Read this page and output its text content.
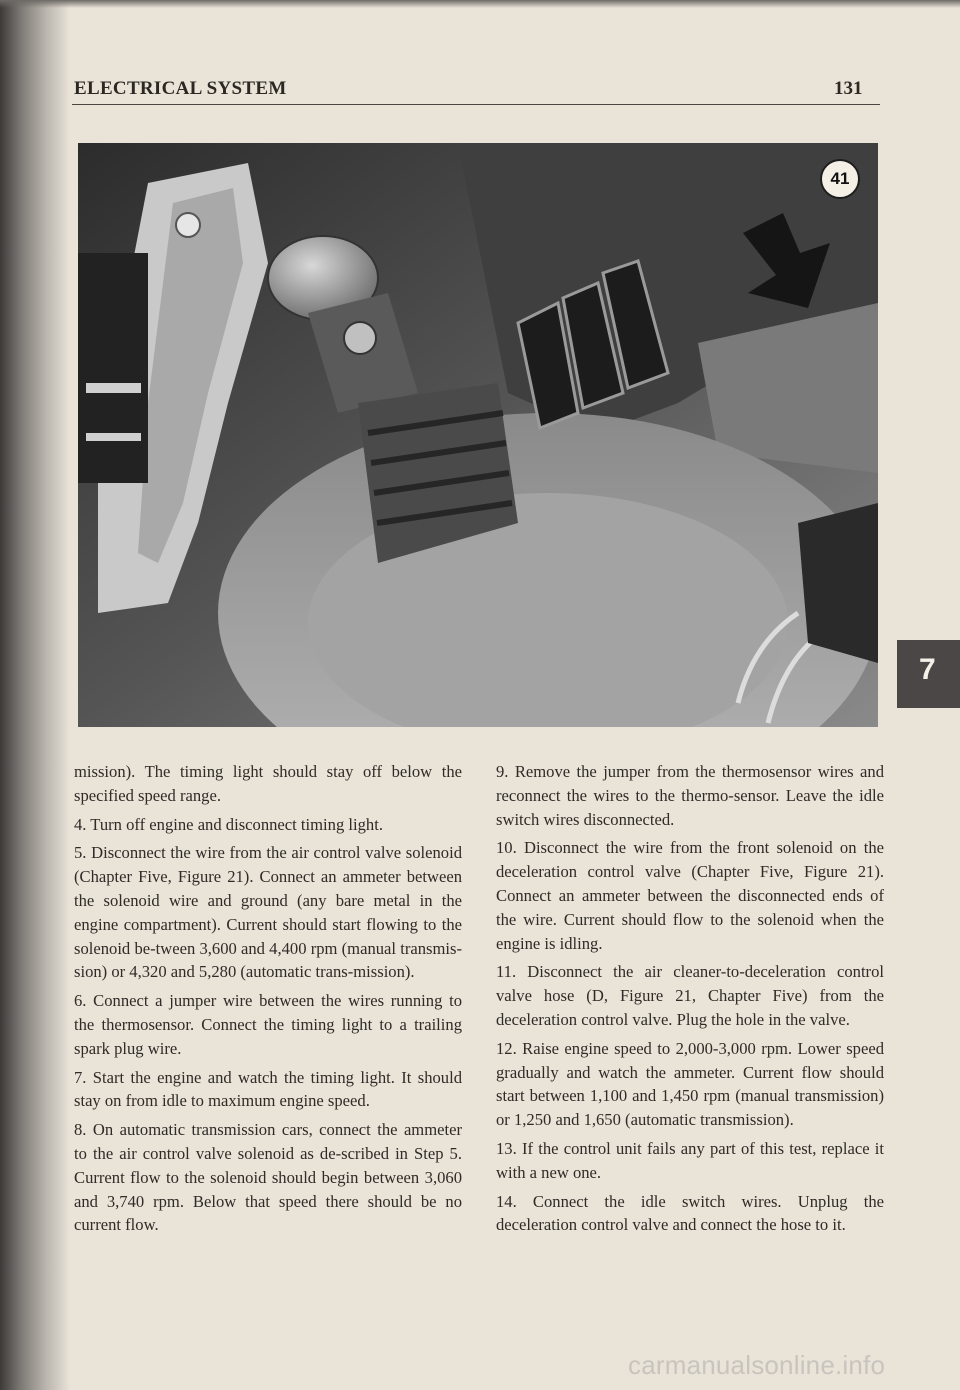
ELECTRICAL SYSTEM	131
41
7

mission). The timing light should stay off below the specified speed range.

4. Turn off engine and disconnect timing light.

5. Disconnect the wire from the air control valve solenoid (Chapter Five, Figure 21). Connect an ammeter between the solenoid wire and ground (any bare metal in the engine compartment). Current should start flowing to the solenoid be-tween 3,600 and 4,400 rpm (manual transmis-sion) or 4,320 and 5,280 (automatic trans-mission).

6. Connect a jumper wire between the wires running to the thermosensor. Connect the timing light to a trailing spark plug wire.

7. Start the engine and watch the timing light. It should stay on from idle to maximum engine speed.

8. On automatic transmission cars, connect the ammeter to the air control valve solenoid as de-scribed in Step 5. Current flow to the solenoid should begin between 3,060 and 3,740 rpm. Below that speed there should be no current flow.

9. Remove the jumper from the thermosensor wires and reconnect the wires to the thermo-sensor. Leave the idle switch wires disconnected.

10. Disconnect the wire from the front solenoid on the deceleration control valve (Chapter Five, Figure 21). Connect an ammeter between the disconnected ends of the wire. Current should flow to the solenoid when the engine is idling.

11. Disconnect the air cleaner-to-deceleration control valve hose (D, Figure 21, Chapter Five) from the deceleration control valve. Plug the hole in the valve.

12. Raise engine speed to 2,000-3,000 rpm. Lower speed gradually and watch the ammeter. Current flow should start between 1,100 and 1,450 rpm (manual transmission) or 1,250 and 1,650 (automatic transmission).

13. If the control unit fails any part of this test, replace it with a new one.

14. Connect the idle switch wires. Unplug the deceleration control valve and connect the hose to it.

carmanualsonline.info
